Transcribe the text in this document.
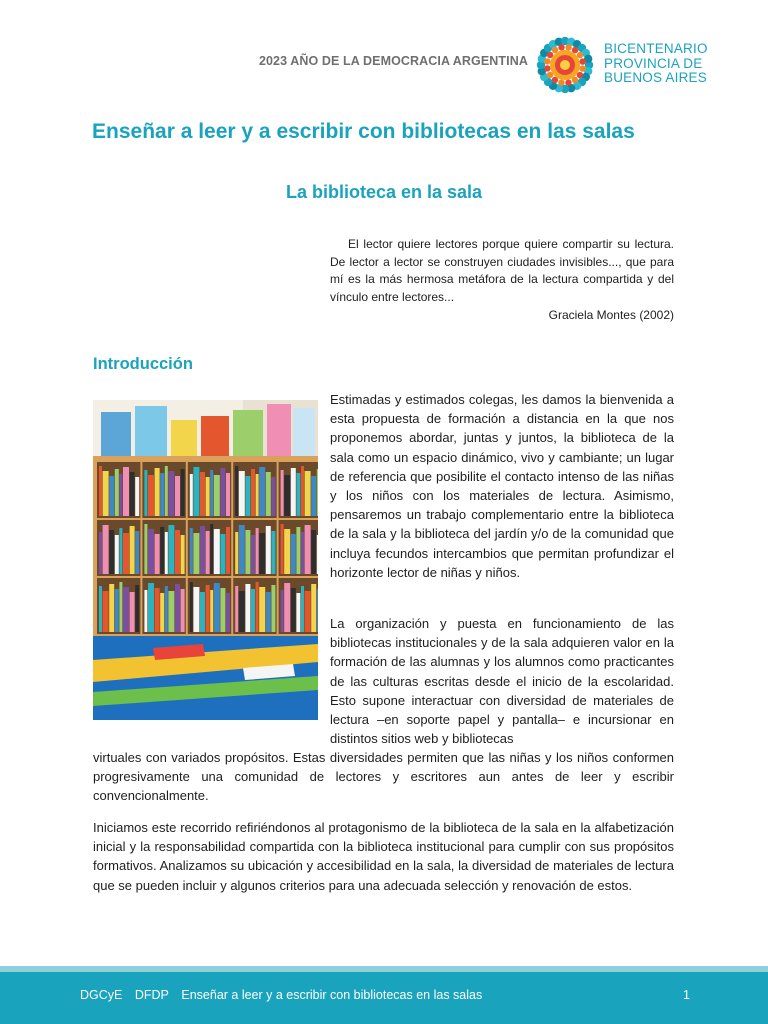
2023 AÑO DE LA DEMOCRACIA ARGENTINA
BICENTENARIO
PROVINCIA DE
BUENOS AIRES
Enseñar a leer y a escribir con bibliotecas en las salas
La biblioteca en la sala

El lector quiere lectores porque quiere compartir su lectura. De lector a lector se construyen ciudades invisibles..., que para mí es la más hermosa metáfora de la lectura compartida y del vínculo entre lectores...

Graciela Montes (2002)

Introducción

Estimadas y estimados colegas, les damos la bienvenida a esta propuesta de formación a distancia en la que nos proponemos abordar, juntas y juntos, la biblioteca de la sala como un espacio dinámico, vivo y cambiante; un lugar de referencia que posibilite el contacto intenso de las niñas y los niños con los materiales de lectura. Asimismo, pensaremos un trabajo complementario entre la biblioteca de la sala y la biblioteca del jardín y/o de la comunidad que incluya fecundos intercambios que permitan profundizar el horizonte lector de niñas y niños.

La organización y puesta en funcionamiento de las bibliotecas institucionales y de la sala adquieren valor en la formación de las alumnas y los alumnos como practicantes de las culturas escritas desde el inicio de la escolaridad. Esto supone interactuar con diversidad de materiales de lectura –en soporte papel y pantalla– e incursionar en distintos sitios web y bibliotecas

virtuales con variados propósitos. Estas diversidades permiten que las niñas y los niños conformen progresivamente una comunidad de lectores y escritores aun antes de leer y escribir convencionalmente.

Iniciamos este recorrido refiriéndonos al protagonismo de la biblioteca de la sala en la alfabetización inicial y la responsabilidad compartida con la biblioteca institucional para cumplir con sus propósitos formativos. Analizamos su ubicación y accesibilidad en la sala, la diversidad de materiales de lectura que se pueden incluir y algunos criterios para una adecuada selección y renovación de estos.

DGCyE DFDP Enseñar a leer y a escribir con bibliotecas en las salas	1
